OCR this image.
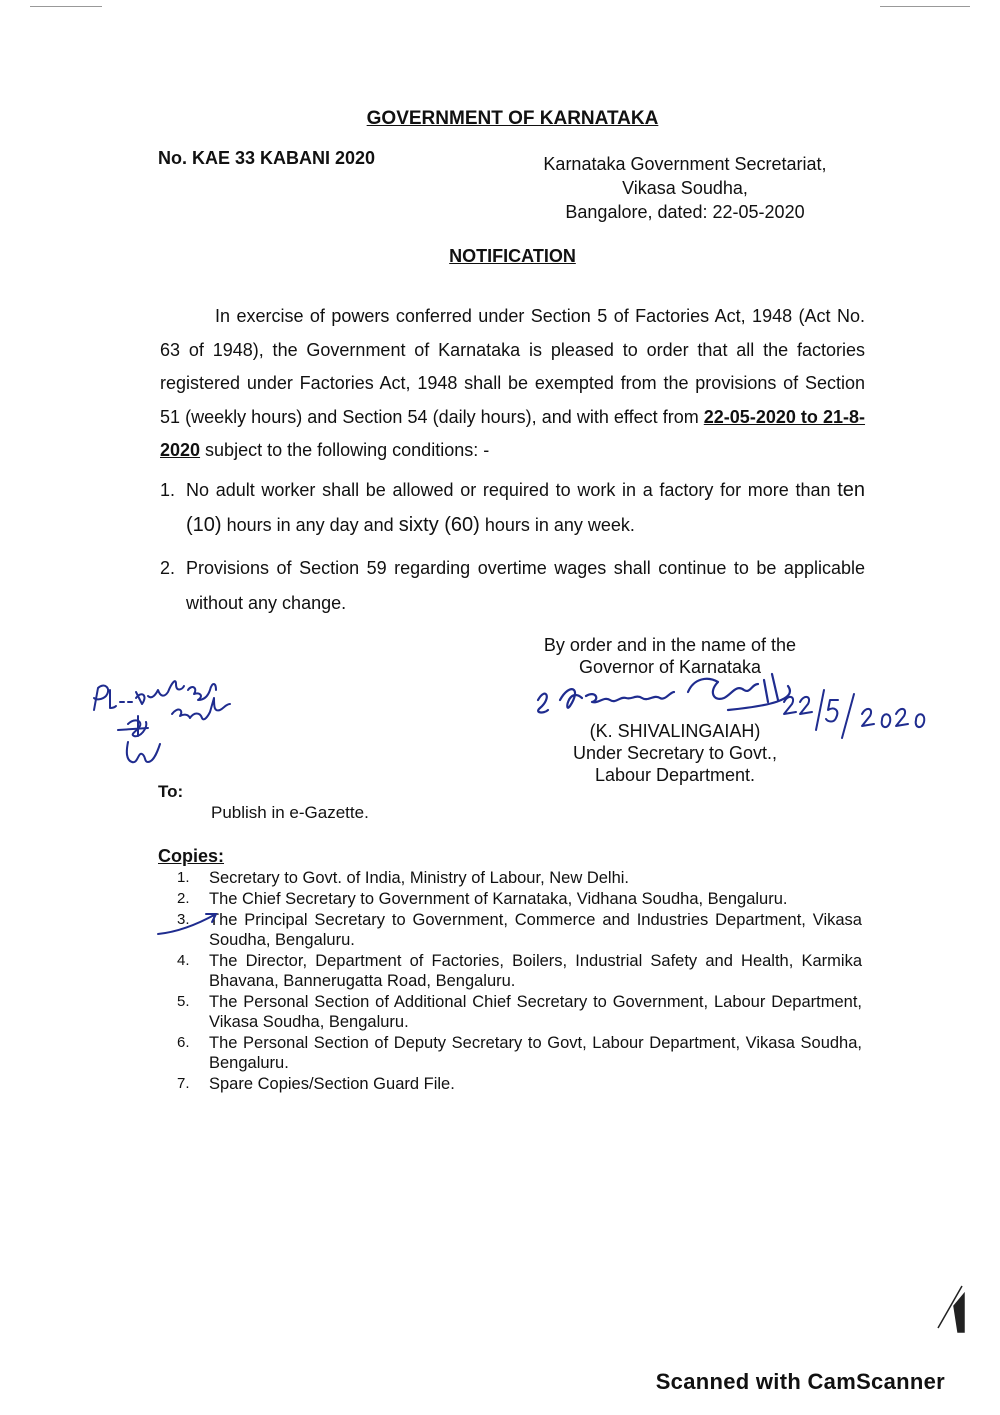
GOVERNMENT OF KARNATAKA
No. KAE 33 KABANI 2020	Karnataka Government Secretariat,
Vikasa Soudha,
Bangalore, dated: 22-05-2020
NOTIFICATION
In exercise of powers conferred under Section 5 of Factories Act, 1948 (Act No. 63 of 1948), the Government of Karnataka is pleased to order that all the factories registered under Factories Act, 1948 shall be exempted from the provisions of Section 51 (weekly hours) and Section 54 (daily hours), and with effect from 22-05-2020 to 21-8-2020 subject to the following conditions: -
1. No adult worker shall be allowed or required to work in a factory for more than ten (10) hours in any day and sixty (60) hours in any week.
2. Provisions of Section 59 regarding overtime wages shall continue to be applicable without any change.
By order and in the name of the
Governor of Karnataka
(K. SHIVALINGAIAH)
Under Secretary to Govt.,
Labour Department.
To:
Publish in e-Gazette.
Copies:
1. Secretary to Govt. of India, Ministry of Labour, New Delhi.
2. The Chief Secretary to Government of Karnataka, Vidhana Soudha, Bengaluru.
3. The Principal Secretary to Government, Commerce and Industries Department, Vikasa Soudha, Bengaluru.
4. The Director, Department of Factories, Boilers, Industrial Safety and Health, Karmika Bhavana, Bannerugatta Road, Bengaluru.
5. The Personal Section of Additional Chief Secretary to Government, Labour Department, Vikasa Soudha, Bengaluru.
6. The Personal Section of Deputy Secretary to Govt, Labour Department, Vikasa Soudha, Bengaluru.
7. Spare Copies/Section Guard File.
Scanned with CamScanner
